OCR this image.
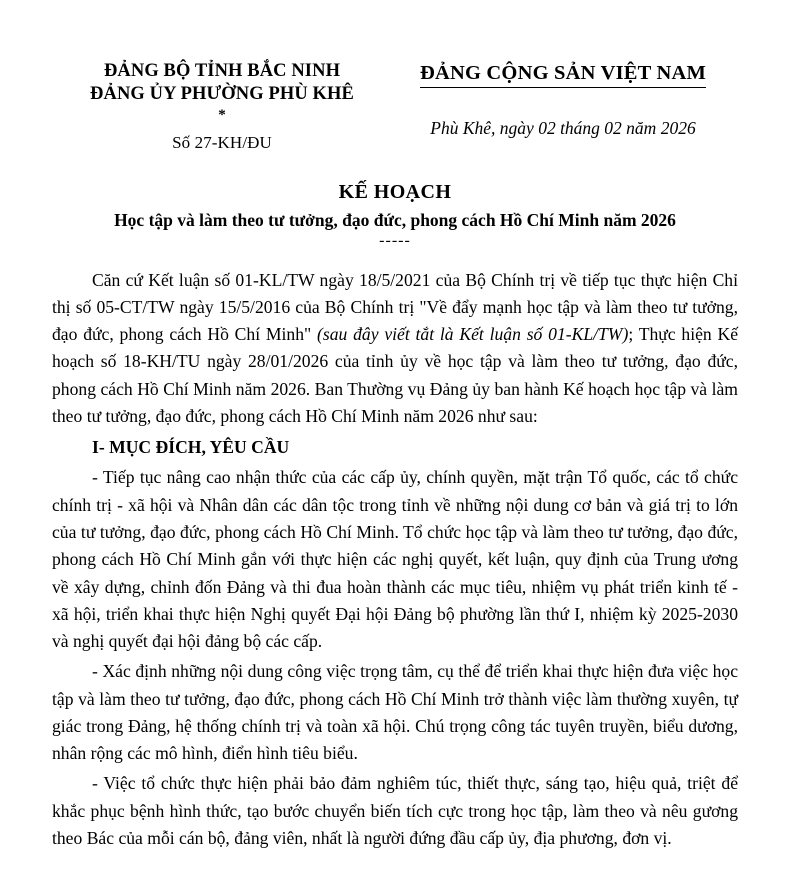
ĐẢNG BỘ TỈNH BẮC NINH
ĐẢNG ỦY PHƯỜNG PHÙ KHÊ
*
Số 27-KH/ĐU
ĐẢNG CỘNG SẢN VIỆT NAM
Phù Khê, ngày 02 tháng 02 năm 2026
KẾ HOẠCH
Học tập và làm theo tư tưởng, đạo đức, phong cách Hồ Chí Minh năm 2026
-----

Căn cứ Kết luận số 01-KL/TW ngày 18/5/2021 của Bộ Chính trị về tiếp tục thực hiện Chỉ thị số 05-CT/TW ngày 15/5/2016 của Bộ Chính trị "Về đẩy mạnh học tập và làm theo tư tưởng, đạo đức, phong cách Hồ Chí Minh" (sau đây viết tắt là Kết luận số 01-KL/TW); Thực hiện Kế hoạch số 18-KH/TU ngày 28/01/2026 của tỉnh ủy về học tập và làm theo tư tưởng, đạo đức, phong cách Hồ Chí Minh năm 2026. Ban Thường vụ Đảng ủy ban hành Kế hoạch học tập và làm theo tư tưởng, đạo đức, phong cách Hồ Chí Minh năm 2026 như sau:

I- MỤC ĐÍCH, YÊU CẦU

- Tiếp tục nâng cao nhận thức của các cấp ủy, chính quyền, mặt trận Tổ quốc, các tổ chức chính trị - xã hội và Nhân dân các dân tộc trong tỉnh về những nội dung cơ bản và giá trị to lớn của tư tưởng, đạo đức, phong cách Hồ Chí Minh. Tổ chức học tập và làm theo tư tưởng, đạo đức, phong cách Hồ Chí Minh gắn với thực hiện các nghị quyết, kết luận, quy định của Trung ương về xây dựng, chỉnh đốn Đảng và thi đua hoàn thành các mục tiêu, nhiệm vụ phát triển kinh tế - xã hội, triển khai thực hiện Nghị quyết Đại hội Đảng bộ phường lần thứ I, nhiệm kỳ 2025-2030 và nghị quyết đại hội đảng bộ các cấp.

- Xác định những nội dung công việc trọng tâm, cụ thể để triển khai thực hiện đưa việc học tập và làm theo tư tưởng, đạo đức, phong cách Hồ Chí Minh trở thành việc làm thường xuyên, tự giác trong Đảng, hệ thống chính trị và toàn xã hội. Chú trọng công tác tuyên truyền, biểu dương, nhân rộng các mô hình, điển hình tiêu biểu.

- Việc tổ chức thực hiện phải bảo đảm nghiêm túc, thiết thực, sáng tạo, hiệu quả, triệt để khắc phục bệnh hình thức, tạo bước chuyển biến tích cực trong học tập, làm theo và nêu gương theo Bác của mỗi cán bộ, đảng viên, nhất là người đứng đầu cấp ủy, địa phương, đơn vị.
